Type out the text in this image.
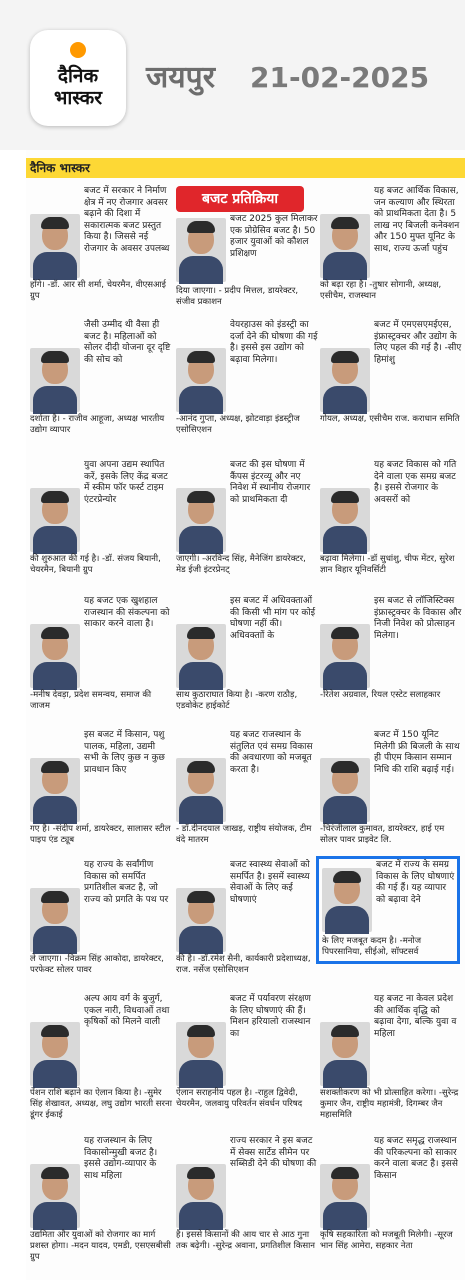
दैनिक
भास्कर
जयपुर 21-02-2025
दैनिक भास्कर
बजट प्रतिक्रिया
बजट में सरकार ने निर्माण क्षेत्र में नए रोजगार अवसर बढ़ाने की दिशा में सकारात्मक बजट प्रस्तुत किया है। जिससे नई रोजगार के अवसर उपलब्ध
होंगे। -डॉ. आर सी शर्मा, चेयरमैन, वीएसआई ग्रुप
बजट 2025 कुल मिलाकर एक प्रोग्रेसिव बजट है। 50 हजार युवाओं को कौशल प्रशिक्षण
दिया जाएगा। - प्रदीप मित्तल, डायरेक्टर, संजीव प्रकाशन
यह बजट आर्थिक विकास, जन कल्याण और स्थिरता को प्राथमिकता देता है। 5 लाख नए बिजली कनेक्शन और 150 मुफ्त यूनिट के साथ, राज्य ऊर्जा पहुंच
को बढ़ा रहा है। -तुषार सोगानी, अध्यक्ष, एसीचैम, राजस्थान
जैसी उम्मीद थी वैसा ही बजट है। महिलाओं को सोलर दीदी योजना दूर दृष्टि की सोच को
दर्शाता है। - राजीव आहूजा, अध्यक्ष भारतीय उद्योग व्यापार
वेयरहाउस को इंडस्ट्री का दर्जा देने की घोषणा की गई है। इससे इस उद्योग को बढ़ावा मिलेगा।
-आनंद गुप्ता, अध्यक्ष, झोटवाड़ा इंडस्ट्रीज एसोसिएशन
बजट में एमएसएमईएस, इंफ्रास्ट्रक्चर और उद्योग के लिए पहल की गई है। -सीए हिमांशु
गोयल, अध्यक्ष, एसीचैम राज. कराधान समिति
युवा अपना उद्यम स्थापित करें, इसके लिए केंद्र बजट में स्कीम फॉर फर्स्ट टाइम एंटरप्रेन्योर
की शुरुआत की गई है। -डॉ. संजय बियानी, चेयरमैन, बियानी ग्रुप
बजट की इस घोषणा में कैंपस इंटरव्यू और नए निवेश में स्थानीय रोजगार को प्राथमिकता दी
जाएगी। -अरविन्द सिंह, मैनेजिंग डायरेक्टर, मेड ईजी इंटरप्रेनट्
यह बजट विकास को गति देने वाला एक समग्र बजट है। इससे रोजगार के अवसरों को
बढ़ावा मिलेगा। -डॉ सुधांशु, चीफ मेंटर, सुरेश ज्ञान विहार यूनिवर्सिटी
यह बजट एक खुशहाल राजस्थान की संकल्पना को साकार करने वाला है।
-मनीष देवड़ा, प्रदेश समन्वय, समाज की जाजम
इस बजट में अधिवक्ताओं की किसी भी मांग पर कोई घोषणा नहीं की। अधिवक्ताों के
साथ कुठाराघात किया है। -करण राठौड़, एडवोकेट हाईकोर्ट
इस बजट से लॉजिस्टिक्स इंफ्रास्ट्रक्चर के विकास और निजी निवेश को प्रोत्साहन मिलेगा।
-रितेश अग्रवाल, रियल एस्टेट सलाहकार
इस बजट में किसान, पशु पालक, महिला, उद्यमी सभी के लिए कुछ न कुछ प्रावधान किए
गए है। -संदीप शर्मा, डायरेक्टर, सालासर स्टील पाइप एंड ट्यूब
यह बजट राजस्थान के संतुलित एवं समग्र विकास की अवधारणा को मजबूत करता है।
- डॉ.दीनदयाल जाखड़, राष्ट्रीय संयोजक, टीम वंदे मातरम
बजट में 150 यूनिट मिलेगी फ्री बिजली के साथ ही पीएम किसान सम्मान निधि की राशि बढ़ाई गई।
-चिरंजीलाल कुमावत, डायरेक्टर, हाई एम सोलर पावर प्राइवेट लि.
यह राज्य के सर्वांगीण विकास को समर्पित प्रगतिशील बजट है, जो राज्य को प्रगति के पथ पर
ले जाएगा। -विक्रम सिंह आकोदा, डायरेक्टर, परफेक्ट सोलर पावर
बजट स्वास्थ्य सेवाओं को समर्पित है। इसमें स्वास्थ्य सेवाओं के लिए कई घोषणाएं
की है। -डॉ.रमेश सैनी, कार्यकारी प्रदेशाध्यक्ष, राज. नर्सेज एसोसिएशन
बजट में राज्य के समग्र विकास के लिए घोषणाएं की गई हैं। यह व्यापार को बढ़ावा देने
के लिए मजबूत कदम है। -मनोज पिपरसानिया, सीईओ, सॉफ्टसर्व
अल्प आय वर्ग के बुजुर्ग, एकल नारी, विधवाओं तथा कृषिकों को मिलने वाली
पेंशन राशि बढ़ाने का ऐलान किया है। -सुमेर सिंह शेखावत, अध्यक्ष, लघु उद्योग भारती सरना डूंगर ईकाई
बजट में पर्यावरण संरक्षण के लिए घोषणाएं की हैं। मिशन हरियालो राजस्थान का
ऐलान सराहनीय पहल है। -राहुल द्विवेदी, चेयरमैन, जलवायु परिवर्तन संवर्धन परिषद
यह बजट ना केवल प्रदेश की आर्थिक वृद्धि को बढ़ावा देगा, बल्कि युवा व महिला
सशक्तीकरण को भी प्रोत्साहित करेगा। -सुरेन्द्र कुमार जैन, राष्ट्रीय महामंत्री, दिगम्बर जैन महासमिति
यह राजस्थान के लिए विकासोन्मुखी बजट है। इससे उद्योग-व्यापार के साथ महिला
उद्यमिता और युवाओं को रोजगार का मार्ग प्रशस्त होगा। -मदन यादव, एमडी, एसएसबीसी ग्रुप
राज्य सरकार ने इस बजट में सेक्स सार्टेड सीमेन पर सब्सिडी देने की घोषणा की
है। इससे किसानों की आय चार से आठ गुना तक बढ़ेगी। -सुरेन्द्र अवाना, प्रगतिशील किसान
यह बजट समृद्ध राजस्थान की परिकल्पना को साकार करने वाला बजट है। इससे किसान
कृषि सहकारिता को मजबूती मिलेगी। -सूरज भान सिंह आमेरा, सहकार नेता
